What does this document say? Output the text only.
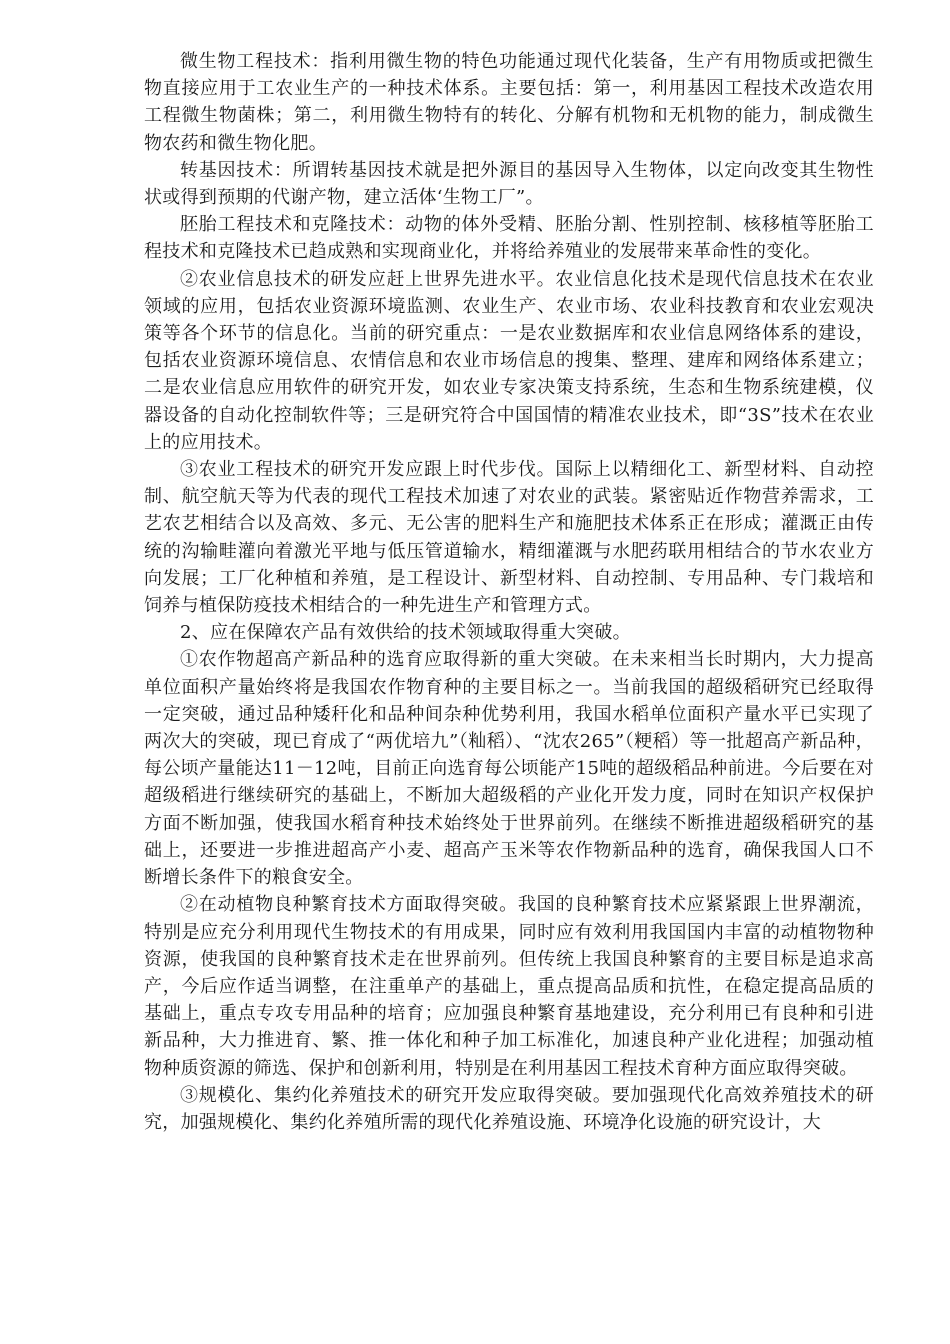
微生物工程技术：指利用微生物的特色功能通过现代化装备，生产有用物质或把微生物直接应用于工农业生产的一种技术体系。主要包括：第一，利用基因工程技术改造农用工程微生物菌株；第二，利用微生物特有的转化、分解有机物和无机物的能力，制成微生物农药和微生物化肥。

转基因技术：所谓转基因技术就是把外源目的基因导入生物体，以定向改变其生物性状或得到预期的代谢产物，建立活体‘生物工厂”。

胚胎工程技术和克隆技术：动物的体外受精、胚胎分割、性别控制、核移植等胚胎工程技术和克隆技术已趋成熟和实现商业化，并将给养殖业的发展带来革命性的变化。

②农业信息技术的研发应赶上世界先进水平。农业信息化技术是现代信息技术在农业领域的应用，包括农业资源环境监测、农业生产、农业市场、农业科技教育和农业宏观决策等各个环节的信息化。当前的研究重点：一是农业数据库和农业信息网络体系的建设，包括农业资源环境信息、农情信息和农业市场信息的搜集、整理、建库和网络体系建立；二是农业信息应用软件的研究开发，如农业专家决策支持系统，生态和生物系统建模，仪器设备的自动化控制软件等；三是研究符合中国国情的精准农业技术，即“3S”技术在农业上的应用技术。

③农业工程技术的研究开发应跟上时代步伐。国际上以精细化工、新型材料、自动控制、航空航天等为代表的现代工程技术加速了对农业的武装。紧密贴近作物营养需求，工艺农艺相结合以及高效、多元、无公害的肥料生产和施肥技术体系正在形成；灌溉正由传统的沟输畦灌向着激光平地与低压管道输水，精细灌溉与水肥药联用相结合的节水农业方向发展；工厂化种植和养殖，是工程设计、新型材料、自动控制、专用品种、专门栽培和饲养与植保防疫技术相结合的一种先进生产和管理方式。

2、应在保障农产品有效供给的技术领域取得重大突破。

①农作物超高产新品种的选育应取得新的重大突破。在未来相当长时期内，大力提高单位面积产量始终将是我国农作物育种的主要目标之一。当前我国的超级稻研究已经取得一定突破，通过品种矮秆化和品种间杂种优势利用，我国水稻单位面积产量水平已实现了两次大的突破，现已育成了“两优培九”（籼稻）、“沈农265”（粳稻）等一批超高产新品种，每公顷产量能达11－12吨，目前正向选育每公顷能产15吨的超级稻品种前进。今后要在对超级稻进行继续研究的基础上，不断加大超级稻的产业化开发力度，同时在知识产权保护方面不断加强，使我国水稻育种技术始终处于世界前列。在继续不断推进超级稻研究的基础上，还要进一步推进超高产小麦、超高产玉米等农作物新品种的选育，确保我国人口不断增长条件下的粮食安全。

②在动植物良种繁育技术方面取得突破。我国的良种繁育技术应紧紧跟上世界潮流，特别是应充分利用现代生物技术的有用成果，同时应有效利用我国国内丰富的动植物物种资源，使我国的良种繁育技术走在世界前列。但传统上我国良种繁育的主要目标是追求高产，今后应作适当调整，在注重单产的基础上，重点提高品质和抗性，在稳定提高品质的基础上，重点专攻专用品种的培育；应加强良种繁育基地建设，充分利用已有良种和引进新品种，大力推进育、繁、推一体化和种子加工标准化，加速良种产业化进程；加强动植物种质资源的筛选、保护和创新利用，特别是在利用基因工程技术育种方面应取得突破。

③规模化、集约化养殖技术的研究开发应取得突破。要加强现代化高效养殖技术的研究，加强规模化、集约化养殖所需的现代化养殖设施、环境净化设施的研究设计，大
